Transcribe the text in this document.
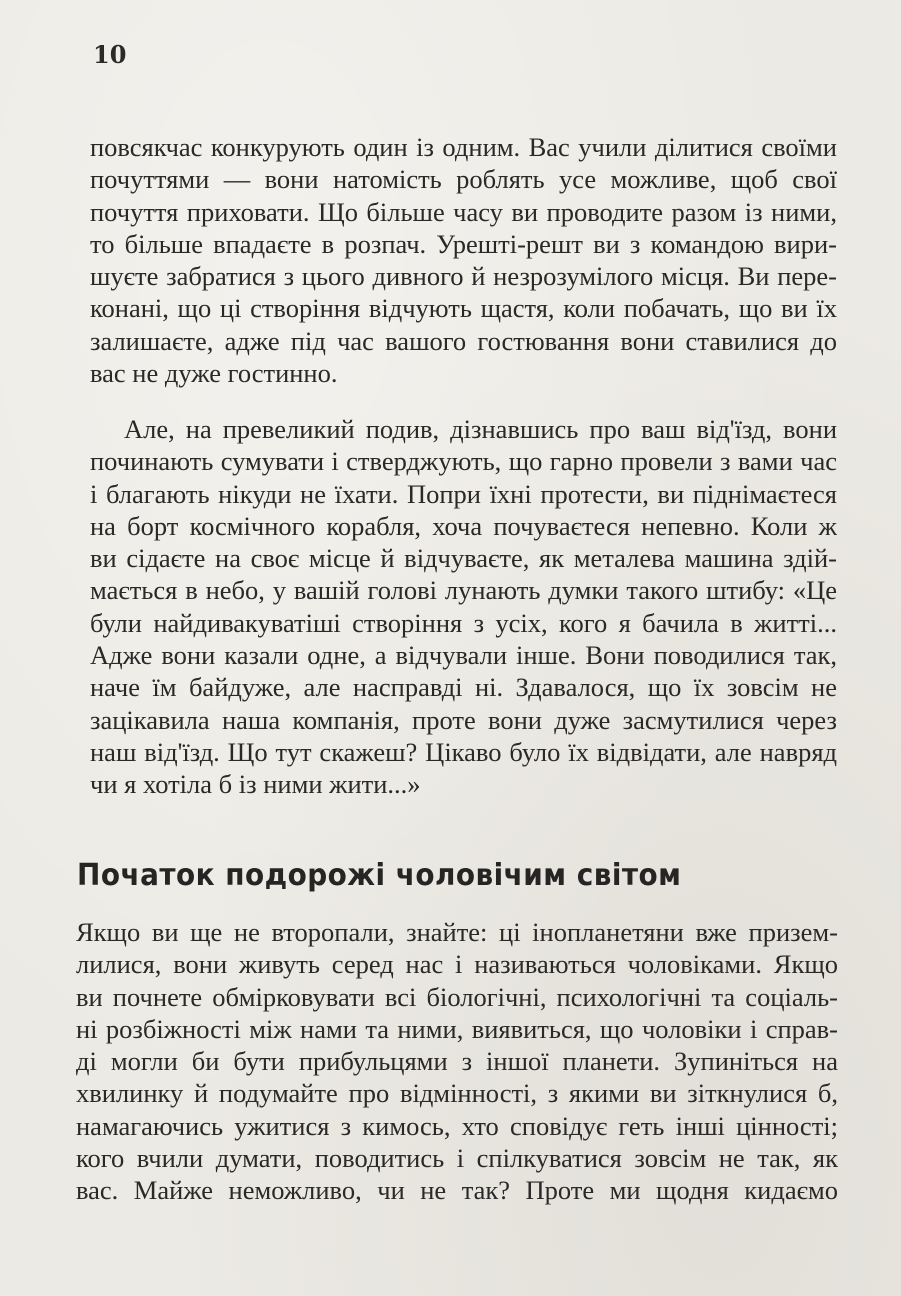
10

повсякчас конкурують один із одним. Вас учили ділитися своїми
почуттями — вони натомість роблять усе можливе, щоб свої
почуття приховати. Що більше часу ви проводите разом із ними,
то більше впадаєте в розпач. Урешті-решт ви з командою вири-
шуєте забратися з цього дивного й незрозумілого місця. Ви пере-
конані, що ці створіння відчують щастя, коли побачать, що ви їх
залишаєте, адже під час вашого гостювання вони ставилися до
вас не дуже гостинно.
Але, на превеликий подив, дізнавшись про ваш від'їзд, вони
починають сумувати і стверджують, що гарно провели з вами час
і благають нікуди не їхати. Попри їхні протести, ви піднімаєтеся
на борт космічного корабля, хоча почуваєтеся непевно. Коли ж
ви сідаєте на своє місце й відчуваєте, як металева машина здій-
мається в небо, у вашій голові лунають думки такого штибу: «Це
були найдивакуватіші створіння з усіх, кого я бачила в житті...
Адже вони казали одне, а відчували інше. Вони поводилися так,
наче їм байдуже, але насправді ні. Здавалося, що їх зовсім не
зацікавила наша компанія, проте вони дуже засмутилися через
наш від'їзд. Що тут скажеш? Цікаво було їх відвідати, але навряд
чи я хотіла б із ними жити...»
Початок подорожі чоловічим світом
Якщо ви ще не второпали, знайте: ці інопланетяни вже призем-
лилися, вони живуть серед нас і називаються чоловіками. Якщо
ви почнете обмірковувати всі біологічні, психологічні та соціаль-
ні розбіжності між нами та ними, виявиться, що чоловіки і справ-
ді могли би бути прибульцями з іншої планети. Зупиніться на
хвилинку й подумайте про відмінності, з якими ви зіткнулися б,
намагаючись ужитися з кимось, хто сповідує геть інші цінності;
кого вчили думати, поводитись і спілкуватися зовсім не так, як
вас. Майже неможливо, чи не так? Проте ми щодня кидаємо
